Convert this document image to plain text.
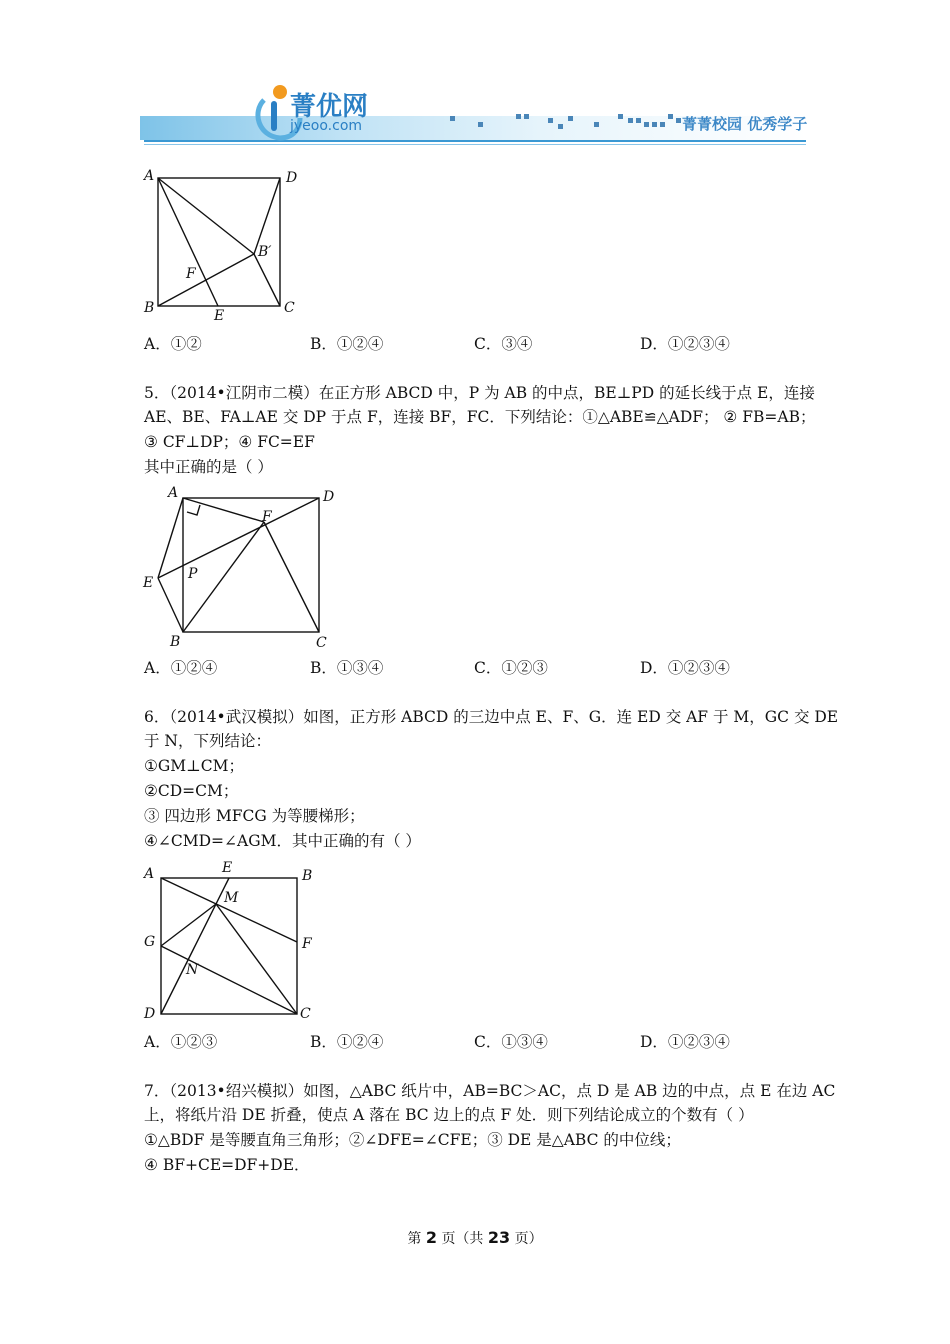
菁优网
jyeoo.com	菁菁校园 优秀学子
A	D
B′
F
B	E	C
A．①②	B．①②④	C．③④	D．①②③④
5．（2014•江阴市二模）在正方形 ABCD 中，P 为 AB 的中点，BE⊥PD 的延长线于点 E，连接
AE、BE、FA⊥AE 交 DP 于点 F，连接 BF，FC．下列结论：①△ABE≌△ADF； ② FB=AB；
③ CF⊥DP；④ FC=EF
其中正确的是（ ）
A	D
F
E
P
B	C
A．①②④	B．①③④	C．①②③	D．①②③④
6．（2014•武汉模拟）如图，正方形 ABCD 的三边中点 E、F、G．连 ED 交 AF 于 M，GC 交 DE
于 N，下列结论：
①GM⊥CM；
②CD=CM；
③ 四边形 MFCG 为等腰梯形；
④∠CMD=∠AGM．其中正确的有（ ）
A	E	B
M
G	F
N
D	C
A．①②③	B．①②④	C．①③④	D．①②③④
7．（2013•绍兴模拟）如图，△ABC 纸片中，AB=BC＞AC，点 D 是 AB 边的中点，点 E 在边 AC
上，将纸片沿 DE 折叠，使点 A 落在 BC 边上的点 F 处．则下列结论成立的个数有（ ）
①△BDF 是等腰直角三角形；②∠DFE=∠CFE；③ DE 是△ABC 的中位线；
④ BF+CE=DF+DE．
第 2 页（共 23 页）
